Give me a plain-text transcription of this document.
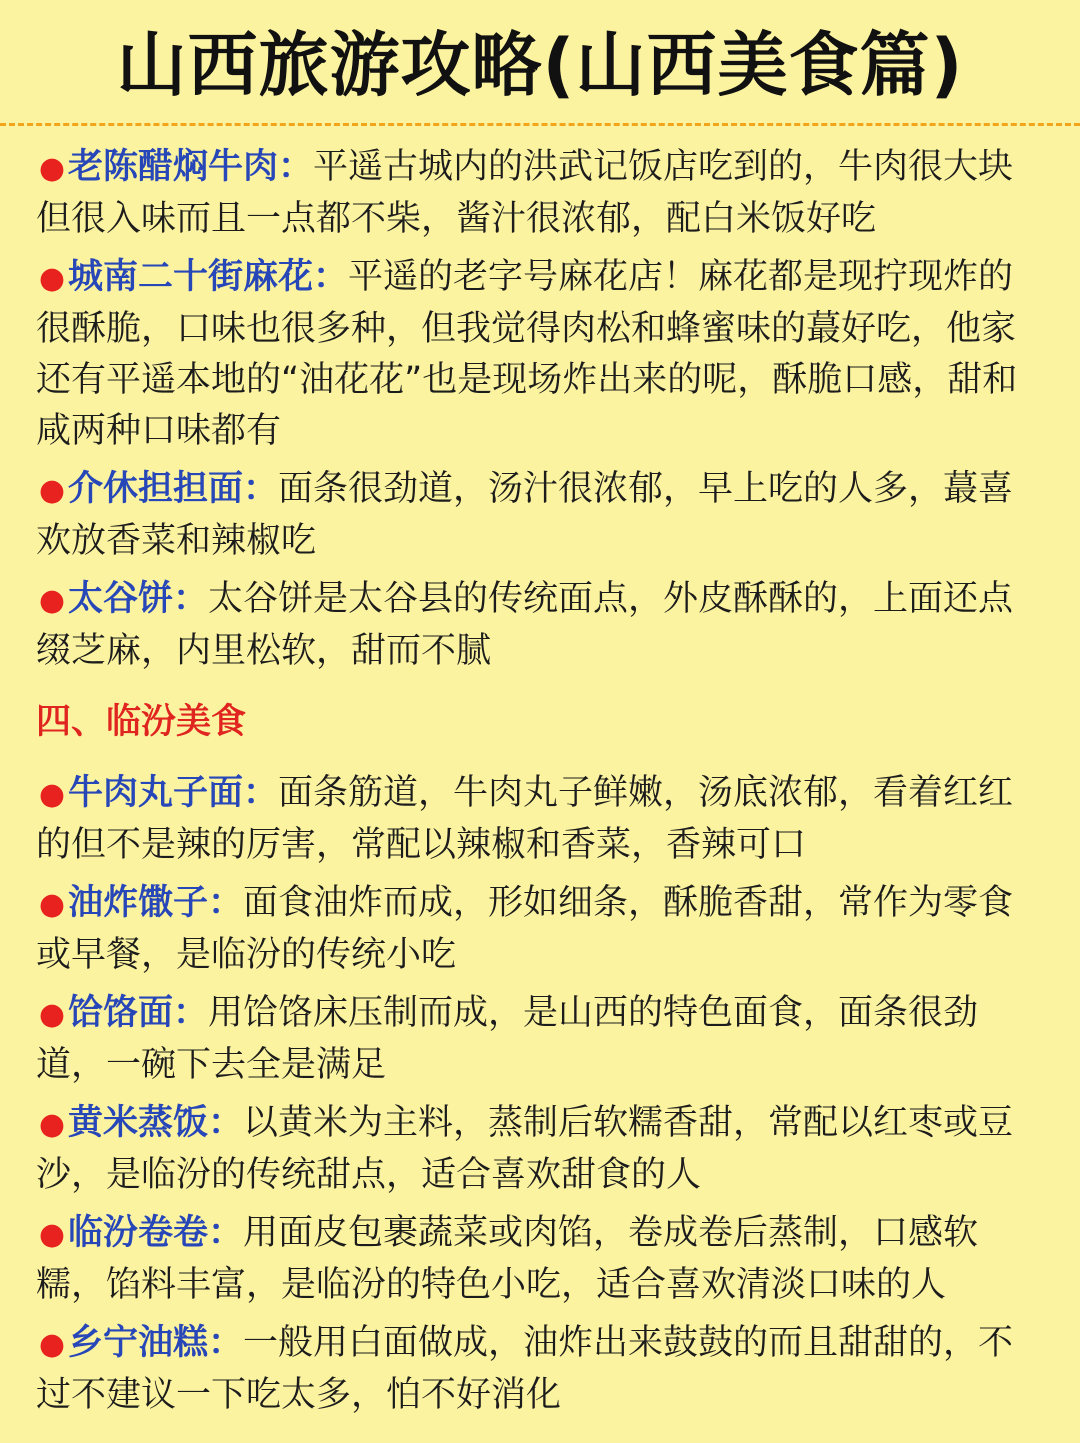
山西旅游攻略(山西美食篇)
●老陈醋焖牛肉：平遥古城内的洪武记饭店吃到的，牛肉很大块但很入味而且一点都不柴，酱汁很浓郁，配白米饭好吃
●城南二十街麻花：平遥的老字号麻花店！麻花都是现拧现炸的很酥脆，口味也很多种，但我觉得肉松和蜂蜜味的蕞好吃，他家还有平遥本地的“油花花”也是现场炸出来的呢，酥脆口感，甜和咸两种口味都有
●介休担担面：面条很劲道，汤汁很浓郁，早上吃的人多，蕞喜欢放香菜和辣椒吃
●太谷饼：太谷饼是太谷县的传统面点，外皮酥酥的，上面还点缀芝麻，内里松软，甜而不腻
四、临汾美食
●牛肉丸子面：面条筋道，牛肉丸子鲜嫩，汤底浓郁，看着红红的但不是辣的厉害，常配以辣椒和香菜，香辣可口
●油炸馓子：面食油炸而成，形如细条，酥脆香甜，常作为零食或早餐，是临汾的传统小吃
●饸饹面：用饸饹床压制而成，是山西的特色面食，面条很劲道，一碗下去全是满足
●黄米蒸饭：以黄米为主料，蒸制后软糯香甜，常配以红枣或豆沙，是临汾的传统甜点，适合喜欢甜食的人
●临汾卷卷：用面皮包裹蔬菜或肉馅，卷成卷后蒸制，口感软糯，馅料丰富，是临汾的特色小吃，适合喜欢清淡口味的人
●乡宁油糕：一般用白面做成，油炸出来鼓鼓的而且甜甜的，不过不建议一下吃太多，怕不好消化
